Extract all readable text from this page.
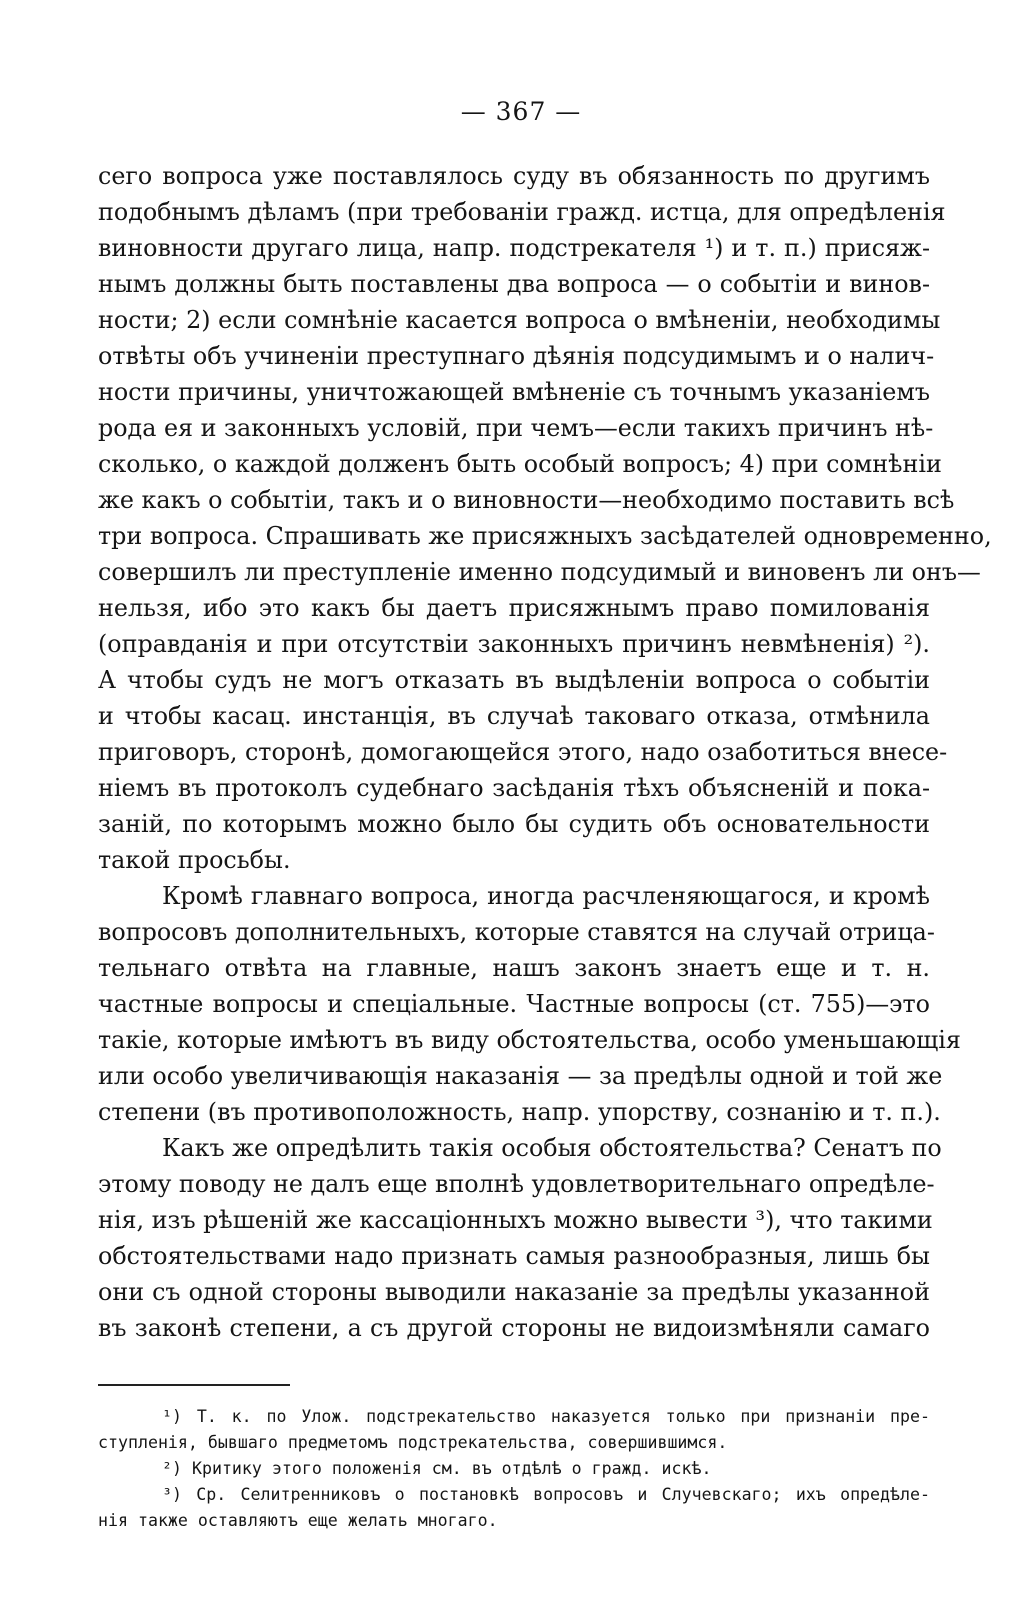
— 367 —
сего вопроса уже поставлялось суду въ обязанность по другимъ
подобнымъ дѣламъ (при требованіи гражд. истца, для опредѣленія
виновности другаго лица, напр. подстрекателя ¹) и т. п.) присяж-
нымъ должны быть поставлены два вопроса — о событіи и винов-
ности; 2) если сомнѣніе касается вопроса о вмѣненіи, необходимы
отвѣты объ учиненіи преступнаго дѣянія подсудимымъ и о налич-
ности причины, уничтожающей вмѣненіе съ точнымъ указаніемъ
рода ея и законныхъ условій, при чемъ—если такихъ причинъ нѣ-
сколько, о каждой долженъ быть особый вопросъ; 4) при сомнѣніи
же какъ о событіи, такъ и о виновности—необходимо поставить всѣ
три вопроса. Спрашивать же присяжныхъ засѣдателей одновременно,
совершилъ ли преступленіе именно подсудимый и виновенъ ли онъ—
нельзя, ибо это какъ бы даетъ присяжнымъ право помилованія
(оправданія и при отсутствіи законныхъ причинъ невмѣненія) ²).
А чтобы судъ не могъ отказать въ выдѣленіи вопроса о событіи
и чтобы касац. инстанція, въ случаѣ таковаго отказа, отмѣнила
приговоръ, сторонѣ, домогающейся этого, надо озаботиться внесе-
ніемъ въ протоколъ судебнаго засѣданія тѣхъ объясненій и пока-
заній, по которымъ можно было бы судить объ основательности
такой просьбы.
Кромѣ главнаго вопроса, иногда расчленяющагося, и кромѣ
вопросовъ дополнительныхъ, которые ставятся на случай отрица-
тельнаго отвѣта на главные, нашъ законъ знаетъ еще и т. н.
частные вопросы и спеціальные. Частные вопросы (ст. 755)—это
такіе, которые имѣютъ въ виду обстоятельства, особо уменьшающія
или особо увеличивающія наказанія — за предѣлы одной и той же
степени (въ противоположность, напр. упорству, сознанію и т. п.).
Какъ же опредѣлить такія особыя обстоятельства? Сенатъ по
этому поводу не далъ еще вполнѣ удовлетворительнаго опредѣле-
нія, изъ рѣшеній же кассаціонныхъ можно вывести ³), что такими
обстоятельствами надо признать самыя разнообразныя, лишь бы
они съ одной стороны выводили наказаніе за предѣлы указанной
въ законѣ степени, а съ другой стороны не видоизмѣняли самаго
¹) Т. к. по Улож. подстрекательство наказуется только при признаніи пре-
ступленія, бывшаго предметомъ подстрекательства, совершившимся.
²) Критику этого положенія см. въ отдѣлѣ о гражд. искѣ.
³) Ср. Селитренниковъ о постановкѣ вопросовъ и Случевскаго; ихъ опредѣле-
нія также оставляютъ еще желать многаго.
